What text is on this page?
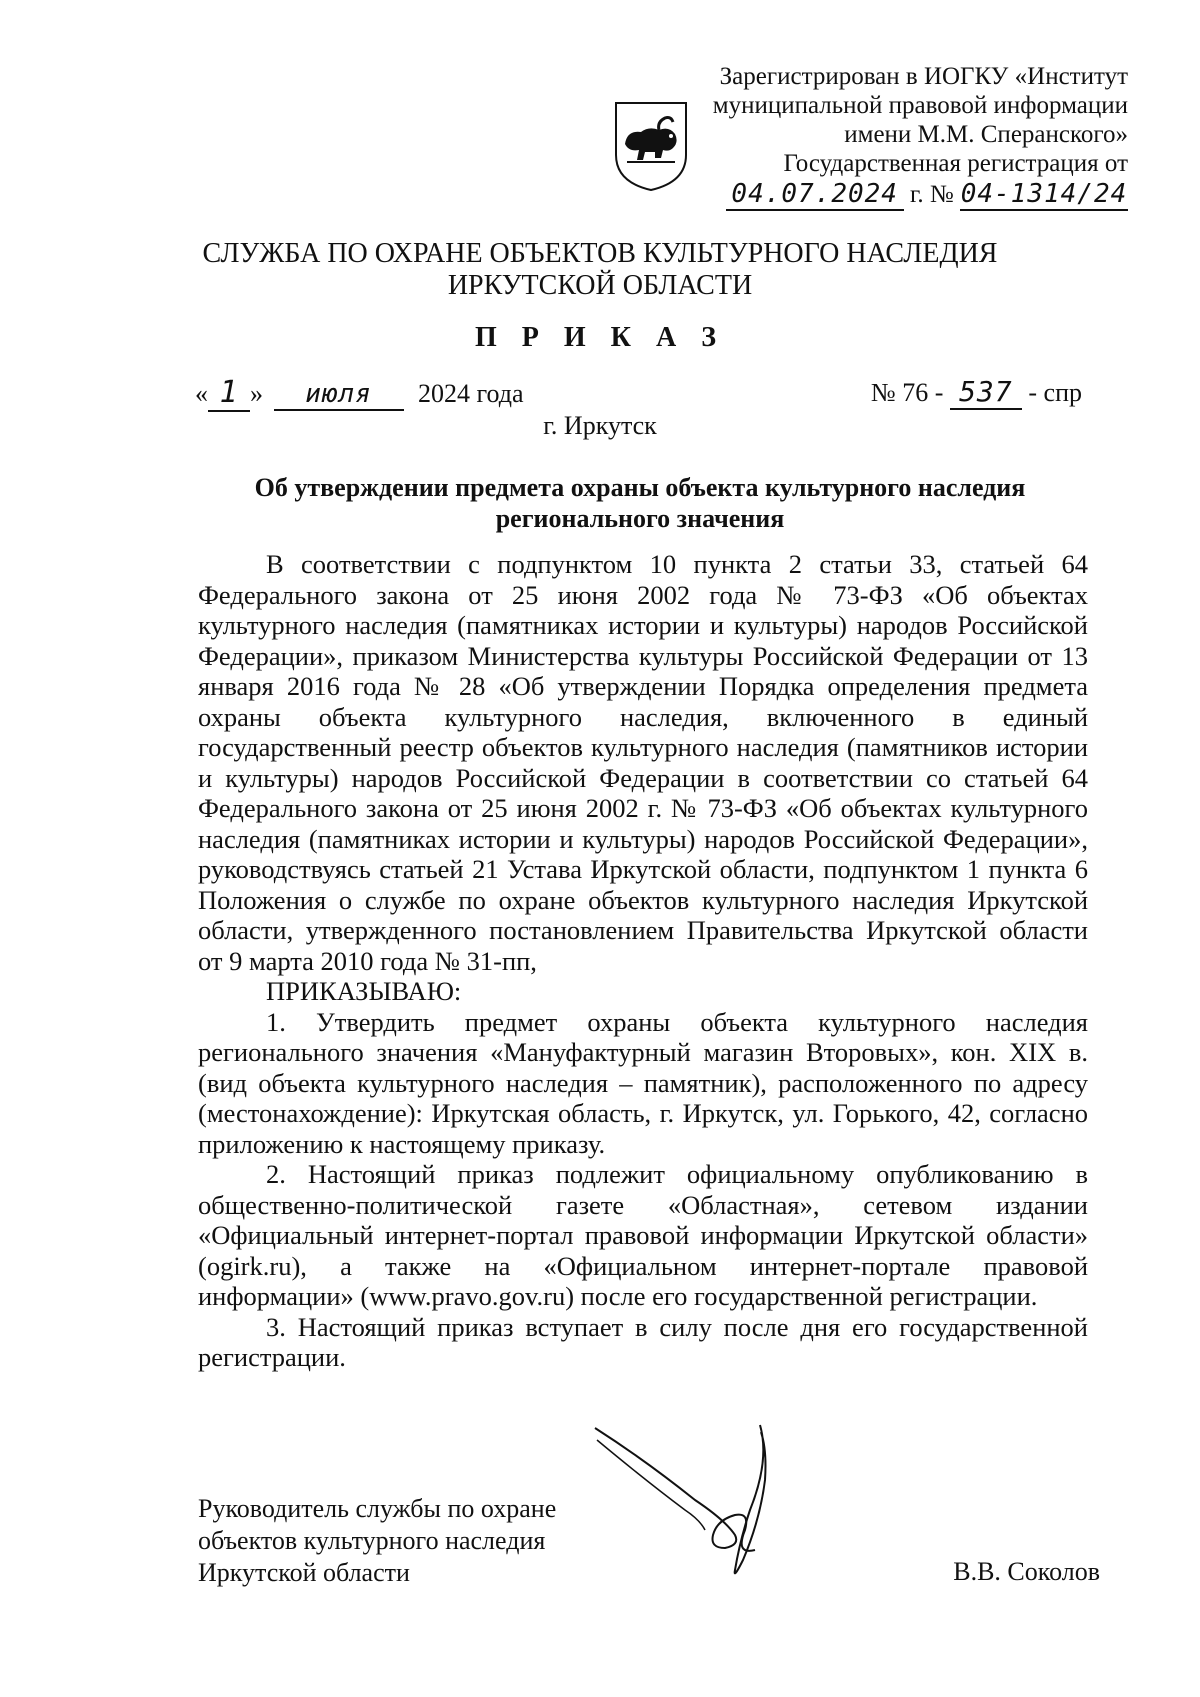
Зарегистрирован в ИОГКУ «Институт
муниципальной правовой информации
имени М.М. Сперанского»
Государственная регистрация от
04.07.2024 г. № 04-1314/24
СЛУЖБА ПО ОХРАНЕ ОБЪЕКТОВ КУЛЬТУРНОГО НАСЛЕДИЯ
ИРКУТСКОЙ ОБЛАСТИ
П Р И К А З
« 1 » июля 2024 года	№ 76 - 537 - спр
г. Иркутск
Об утверждении предмета охраны объекта культурного наследия
регионального значения

В соответствии с подпунктом 10 пункта 2 статьи 33, статьей 64 Федерального закона от 25 июня 2002 года № 73-ФЗ «Об объектах культурного наследия (памятниках истории и культуры) народов Российской Федерации», приказом Министерства культуры Российской Федерации от 13 января 2016 года № 28 «Об утверждении Порядка определения предмета охраны объекта культурного наследия, включенного в единый государственный реестр объектов культурного наследия (памятников истории и культуры) народов Российской Федерации в соответствии со статьей 64 Федерального закона от 25 июня 2002 г. № 73-ФЗ «Об объектах культурного наследия (памятниках истории и культуры) народов Российской Федерации», руководствуясь статьей 21 Устава Иркутской области, подпунктом 1 пункта 6 Положения о службе по охране объектов культурного наследия Иркутской области, утвержденного постановлением Правительства Иркутской области от 9 марта 2010 года № 31-пп,

ПРИКАЗЫВАЮ:

1. Утвердить предмет охраны объекта культурного наследия регионального значения «Мануфактурный магазин Второвых», кон. XIX в. (вид объекта культурного наследия – памятник), расположенного по адресу (местонахождение): Иркутская область, г. Иркутск, ул. Горького, 42, согласно приложению к настоящему приказу.

2. Настоящий приказ подлежит официальному опубликованию в общественно-политической газете «Областная», сетевом издании «Официальный интернет-портал правовой информации Иркутской области» (ogirk.ru), а также на «Официальном интернет-портале правовой информации» (www.pravo.gov.ru) после его государственной регистрации.

3. Настоящий приказ вступает в силу после дня его государственной регистрации.

Руководитель службы по охране
объектов культурного наследия
Иркутской области	В.В. Соколов
